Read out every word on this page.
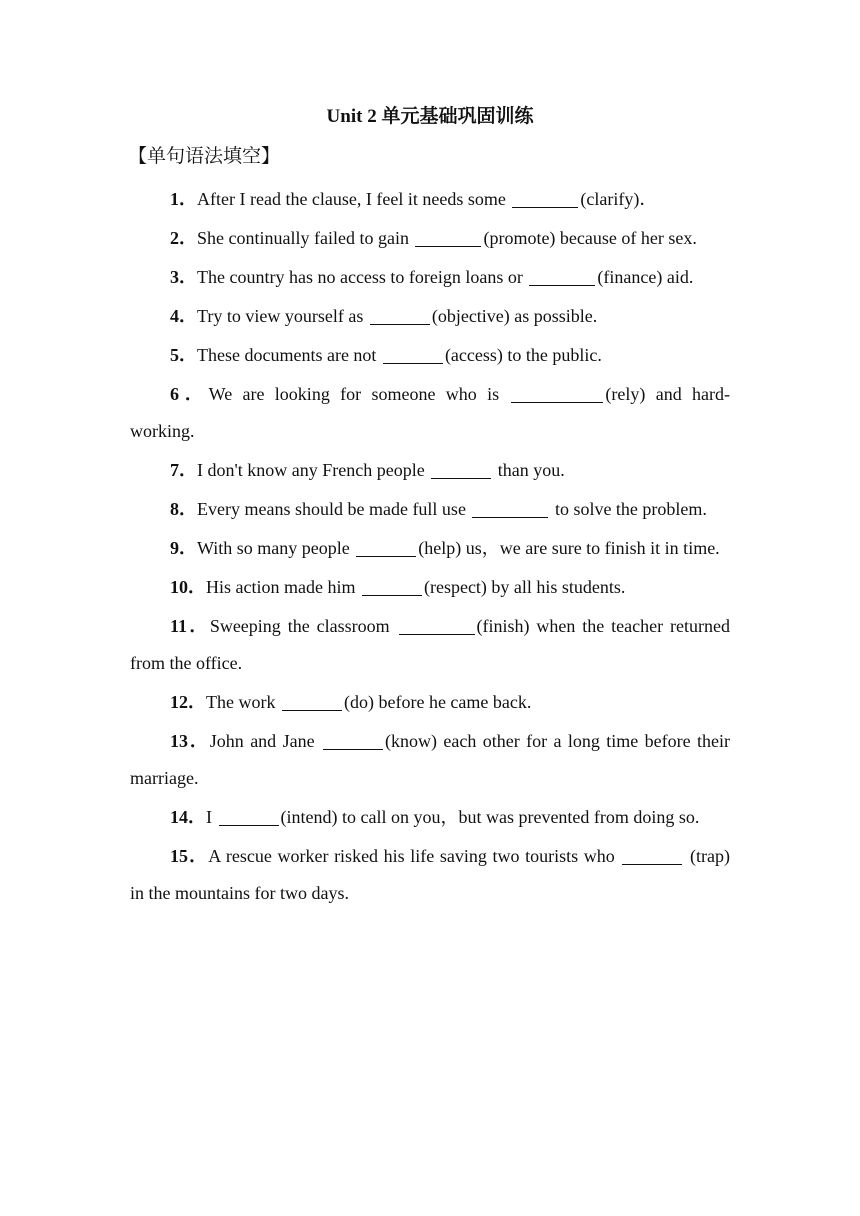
Unit 2 单元基础巩固训练
【单句语法填空】

1．After I read the clause, I feel it needs some	(clarify)．

2．She continually failed to gain	(promote) because of her sex.

3．The country has no access to foreign loans or	(finance) aid.

4．Try to view yourself as	(objective) as possible.

5．These documents are not	(access) to the public.

6．We are looking for someone who is	(rely) and hard-working.

7．I don't know any French people	than you.

8．Every means should be made full use	to solve the problem.

9．With so many people	(help) us，we are sure to finish it in time.

10．His action made him	(respect) by all his students.

11．Sweeping the classroom	(finish) when the teacher returned from the office.

12．The work	(do) before he came back.

13．John and Jane	(know) each other for a long time before their marriage.

14．I	(intend) to call on you，but was prevented from doing so.

15．A rescue worker risked his life saving two tourists who	(trap) in the mountains for two days.
